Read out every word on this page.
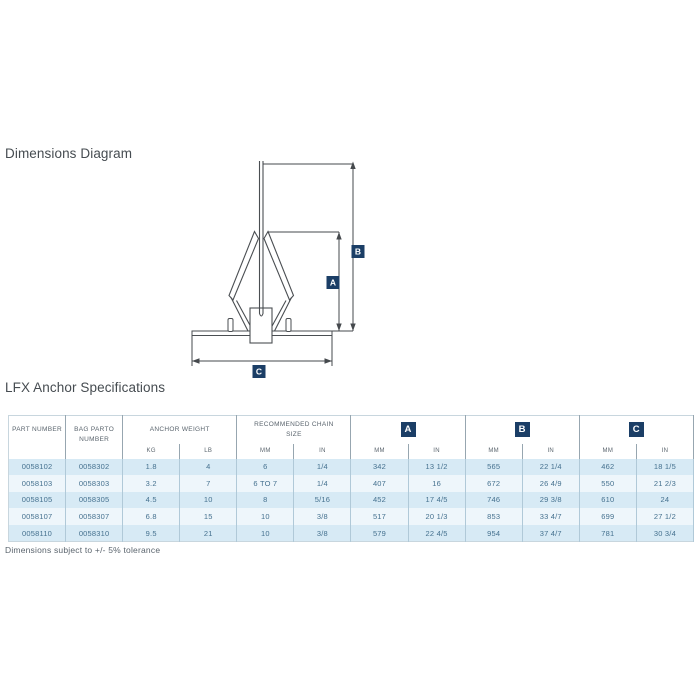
Dimensions Diagram
A
B
C
LFX Anchor Specifications
PART NUMBER	BAG PARTO NUMBER	ANCHOR WEIGHT		RECOMMENDED CHAIN SIZE		A		B		C	
		KG	LB	MM	IN	MM	IN	MM	IN	MM	IN
0058102	0058302	1.8	4	6	1/4	342	13 1/2	565	22 1/4	462	18 1/5
0058103	0058303	3.2	7	6 TO 7	1/4	407	16	672	26 4/9	550	21 2/3
0058105	0058305	4.5	10	8	5/16	452	17 4/5	746	29 3/8	610	24
0058107	0058307	6.8	15	10	3/8	517	20 1/3	853	33 4/7	699	27 1/2
0058110	0058310	9.5	21	10	3/8	579	22 4/5	954	37 4/7	781	30 3/4
Dimensions subject to +/- 5% tolerance
